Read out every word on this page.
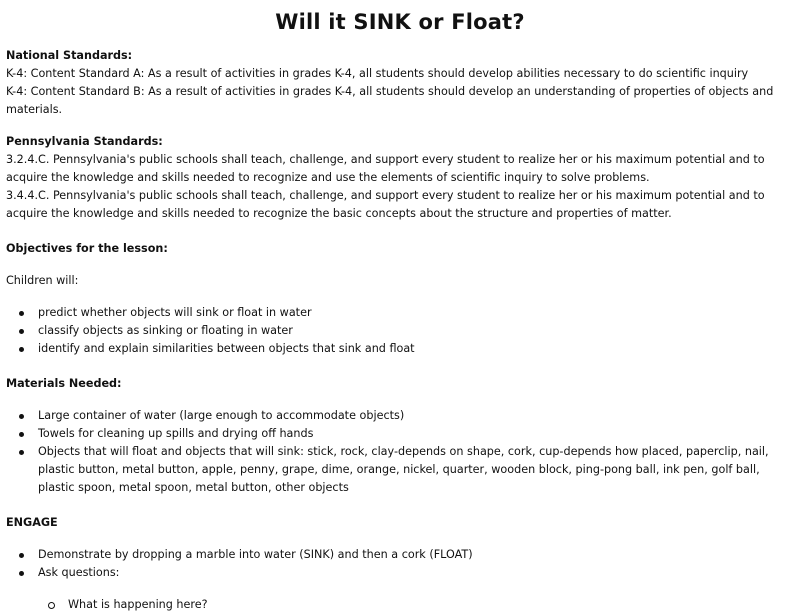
Will it SINK or Float?

National Standards:

K-4: Content Standard A: As a result of activities in grades K-4, all students should develop abilities necessary to do scientific inquiry

K-4: Content Standard B: As a result of activities in grades K-4, all students should develop an understanding of properties of objects and materials.

Pennsylvania Standards:

3.2.4.C. Pennsylvania's public schools shall teach, challenge, and support every student to realize her or his maximum potential and to acquire the knowledge and skills needed to recognize and use the elements of scientific inquiry to solve problems.

3.4.4.C. Pennsylvania's public schools shall teach, challenge, and support every student to realize her or his maximum potential and to acquire the knowledge and skills needed to recognize the basic concepts about the structure and properties of matter.

Objectives for the lesson:

Children will:

predict whether objects will sink or float in water
classify objects as sinking or floating in water
identify and explain similarities between objects that sink and float

Materials Needed:

Large container of water (large enough to accommodate objects)
Towels for cleaning up spills and drying off hands
Objects that will float and objects that will sink: stick, rock, clay-depends on shape, cork, cup-depends how placed, paperclip, nail, plastic button, metal button, apple, penny, grape, dime, orange, nickel, quarter, wooden block, ping-pong ball, ink pen, golf ball, plastic spoon, metal spoon, metal button, other objects

ENGAGE

Demonstrate by dropping a marble into water (SINK) and then a cork (FLOAT)
Ask questions:
What is happening here?
